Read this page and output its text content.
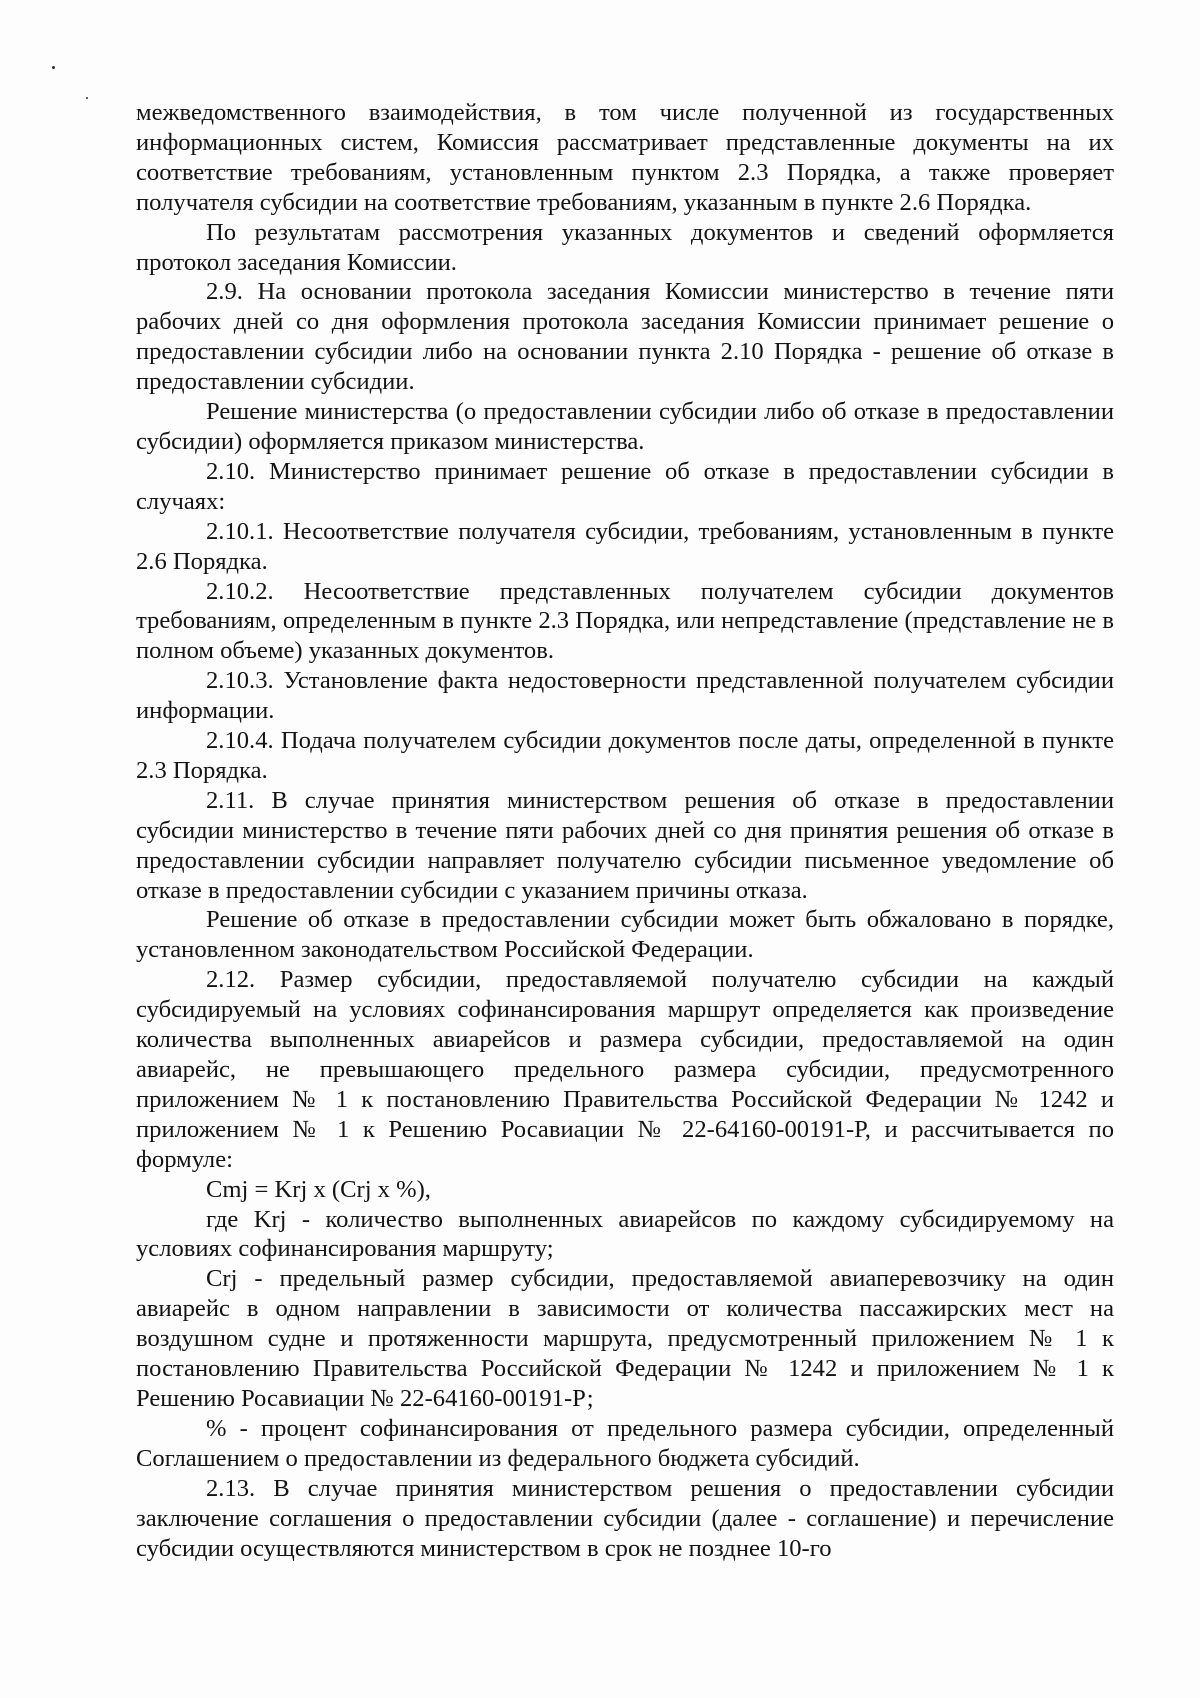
межведомственного взаимодействия, в том числе полученной из государственных информационных систем, Комиссия рассматривает представленные документы на их соответствие требованиям, установленным пунктом 2.3 Порядка, а также проверяет получателя субсидии на соответствие требованиям, указанным в пункте 2.6 Порядка.

По результатам рассмотрения указанных документов и сведений оформляется протокол заседания Комиссии.

2.9. На основании протокола заседания Комиссии министерство в течение пяти рабочих дней со дня оформления протокола заседания Комиссии принимает решение о предоставлении субсидии либо на основании пункта 2.10 Порядка - решение об отказе в предоставлении субсидии.

Решение министерства (о предоставлении субсидии либо об отказе в предоставлении субсидии) оформляется приказом министерства.

2.10. Министерство принимает решение об отказе в предоставлении субсидии в случаях:

2.10.1. Несоответствие получателя субсидии, требованиям, установленным в пункте 2.6 Порядка.

2.10.2. Несоответствие представленных получателем субсидии документов требованиям, определенным в пункте 2.3 Порядка, или непредставление (представление не в полном объеме) указанных документов.

2.10.3. Установление факта недостоверности представленной получателем субсидии информации.

2.10.4. Подача получателем субсидии документов после даты, определенной в пункте 2.3 Порядка.

2.11. В случае принятия министерством решения об отказе в предоставлении субсидии министерство в течение пяти рабочих дней со дня принятия решения об отказе в предоставлении субсидии направляет получателю субсидии письменное уведомление об отказе в предоставлении субсидии с указанием причины отказа.

Решение об отказе в предоставлении субсидии может быть обжаловано в порядке, установленном законодательством Российской Федерации.

2.12. Размер субсидии, предоставляемой получателю субсидии на каждый субсидируемый на условиях софинансирования маршрут определяется как произведение количества выполненных авиарейсов и размера субсидии, предоставляемой на один авиарейс, не превышающего предельного размера субсидии, предусмотренного приложением № 1 к постановлению Правительства Российской Федерации № 1242 и приложением № 1 к Решению Росавиации № 22-64160-00191-Р, и рассчитывается по формуле:

Cmj = Krj x (Crj x %),

где Krj - количество выполненных авиарейсов по каждому субсидируемому на условиях софинансирования маршруту;

Crj - предельный размер субсидии, предоставляемой авиаперевозчику на один авиарейс в одном направлении в зависимости от количества пассажирских мест на воздушном судне и протяженности маршрута, предусмотренный приложением № 1 к постановлению Правительства Российской Федерации № 1242 и приложением № 1 к Решению Росавиации № 22-64160-00191-Р;

% - процент софинансирования от предельного размера субсидии, определенный Соглашением о предоставлении из федерального бюджета субсидий.

2.13. В случае принятия министерством решения о предоставлении субсидии заключение соглашения о предоставлении субсидии (далее - соглашение) и перечисление субсидии осуществляются министерством в срок не позднее 10-го
